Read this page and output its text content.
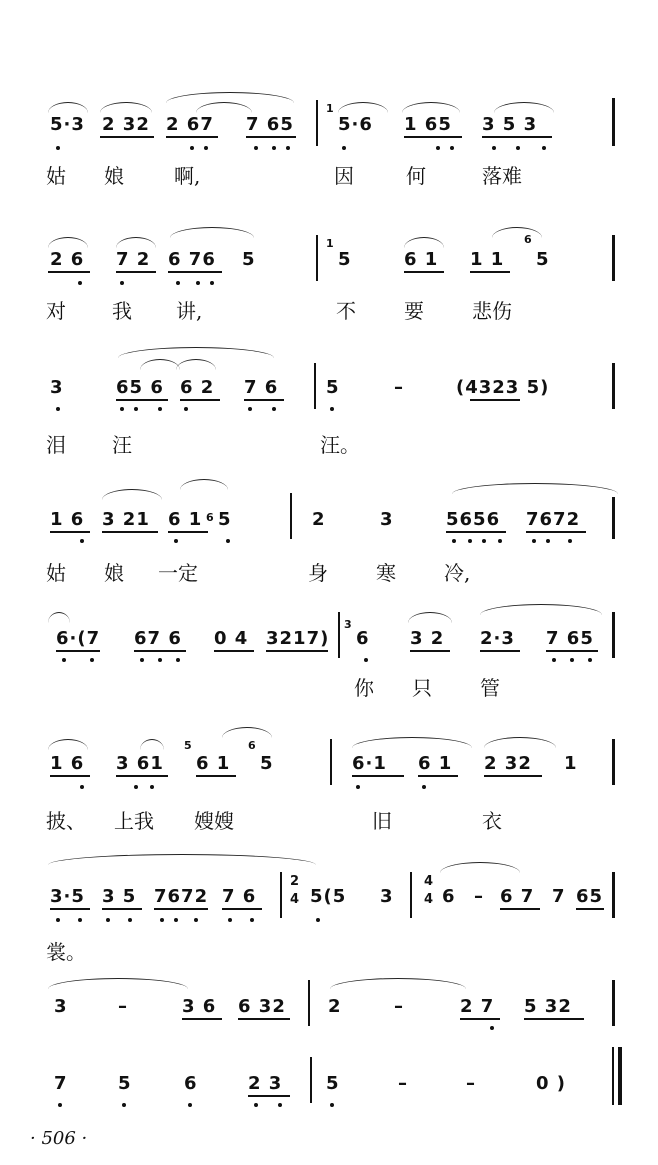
5·3 2 32 2 67 7 65
1
5·6 1 65 3 5 3
姑 娘	啊,	因	何	落难
2 6 7 2 6 76 5
1
5	6 1 1 1
6
5
对 我 讲,	不 要 悲伤
3	65 6 6 2 7 6	5	–	(4323 5)
泪 汪	汪。
1 6 3 21 6 1 6 5	2	3	5656 7672
姑 娘 一定	身 寒 冷,
6·(7 67 6 0 4 3217)
3
6 3 2 2·3 7 65
你 只 管
1 6 3 61
5
6 1
6
5	6·1 6 1 2 32 1
披、 上我 嫂嫂	旧	衣
3·5 3 5 7672 7 6
2
4 5(5 3
4
4 6 – 6 7 7 65
裳。
3	–	3 6 6 32 2	–	2 7 5 32
7	5	6	2 3 5	–	–	0 )
· 506 ·
